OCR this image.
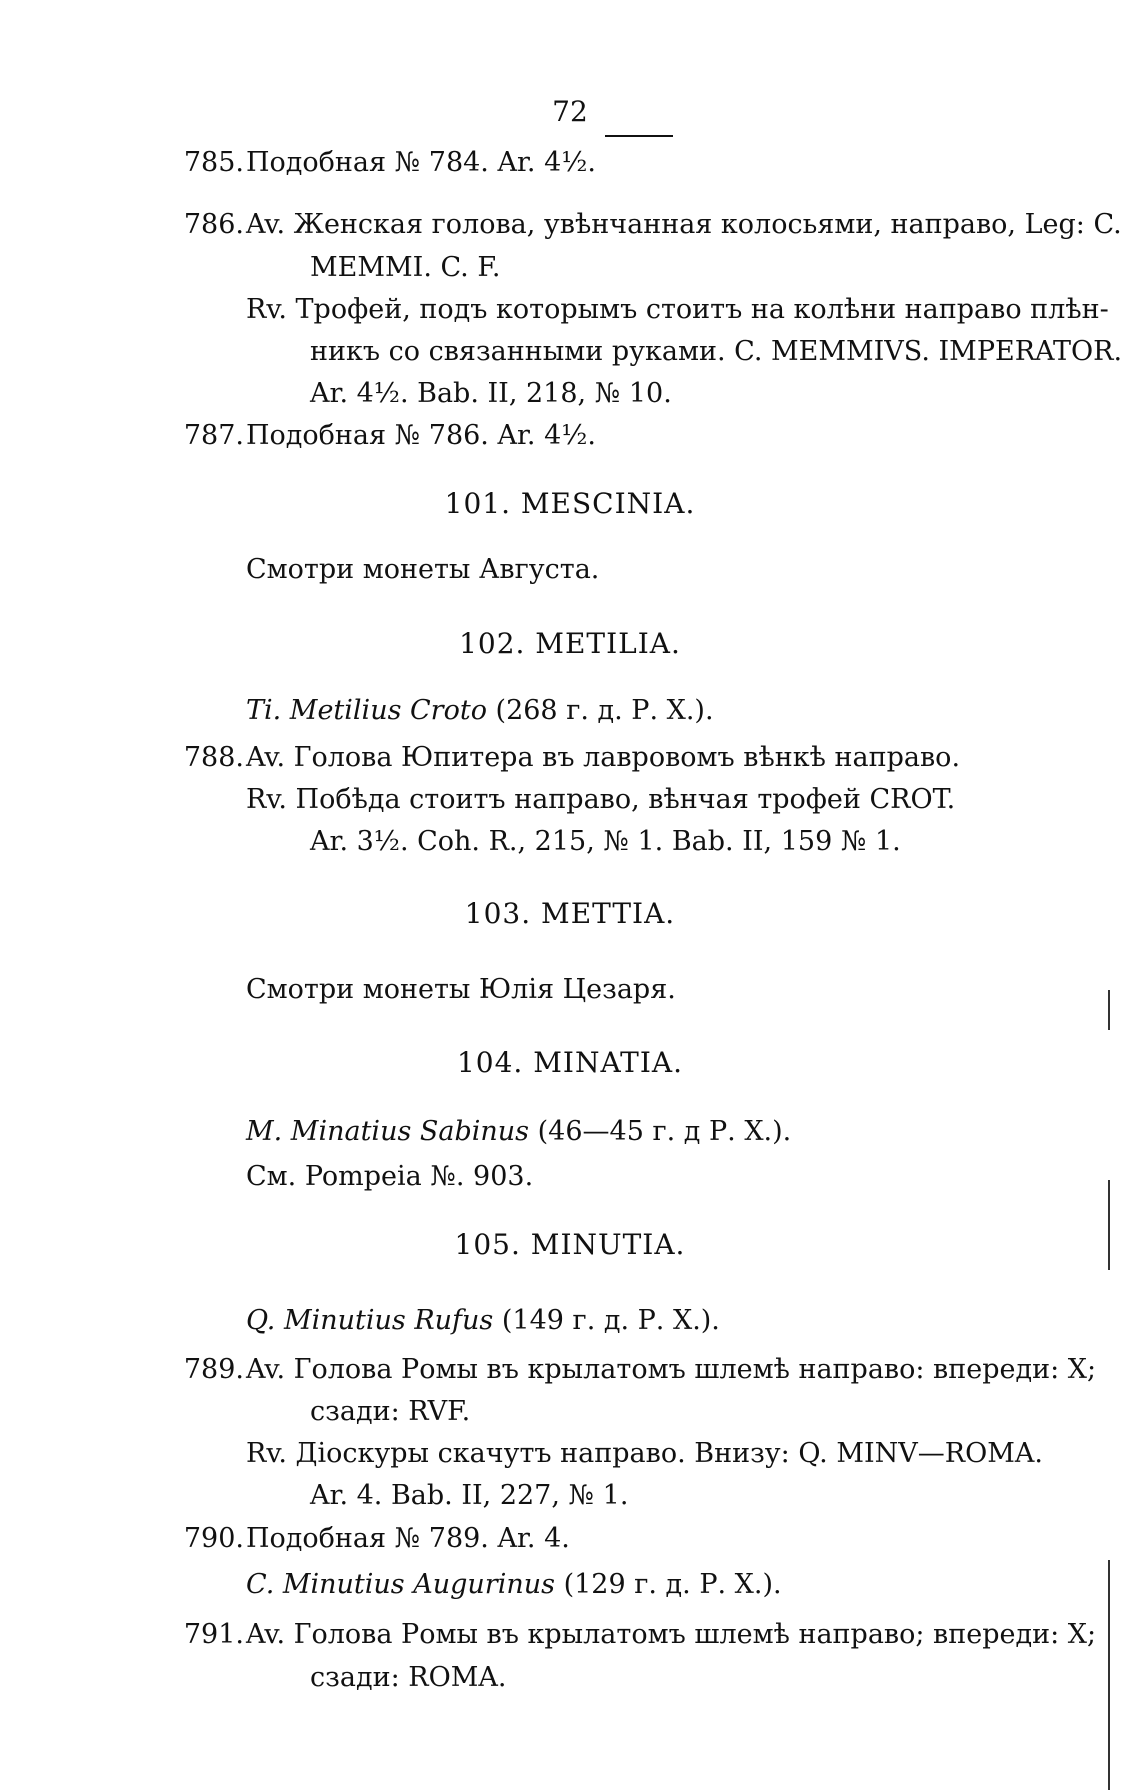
72
785. Подобная № 784. Ar. 4½.
786. Av. Женская голова, увѣнчанная колосьями, направо, Leg: C.
MEMMI. C. F.
Rv. Трофей, подъ которымъ стоитъ на колѣни направо плѣн-
никъ со связанными руками. C. MEMMIVS. IMPERATOR.
Ar. 4½. Bab. II, 218, № 10.
787. Подобная № 786. Ar. 4½.
101. MESCINIA.
Смотри монеты Августа.
102. METILIA.
Ti. Metilius Croto (268 г. д. Р. Х.).
788. Av. Голова Юпитера въ лавровомъ вѣнкѣ направо.
Rv. Побѣда стоитъ направо, вѣнчая трофей CROT.
Ar. 3½. Coh. R., 215, № 1. Bab. II, 159 № 1.
103. METTIA.
Смотри монеты Юлія Цезаря.
104. MINATIA.
M. Minatius Sabinus (46—45 г. д Р. Х.).
См. Pompeia №. 903.
105. MINUTIA.
Q. Minutius Rufus (149 г. д. Р. Х.).
789. Av. Голова Ромы въ крылатомъ шлемѣ направо: впереди: X;
сзади: RVF.
Rv. Діоскуры скачутъ направо. Внизу: Q. MINV—ROMA.
Ar. 4. Bab. II, 227, № 1.
790. Подобная № 789. Ar. 4.
C. Minutius Augurinus (129 г. д. Р. Х.).
791. Av. Голова Ромы въ крылатомъ шлемѣ направо; впереди: X;
сзади: ROMA.
